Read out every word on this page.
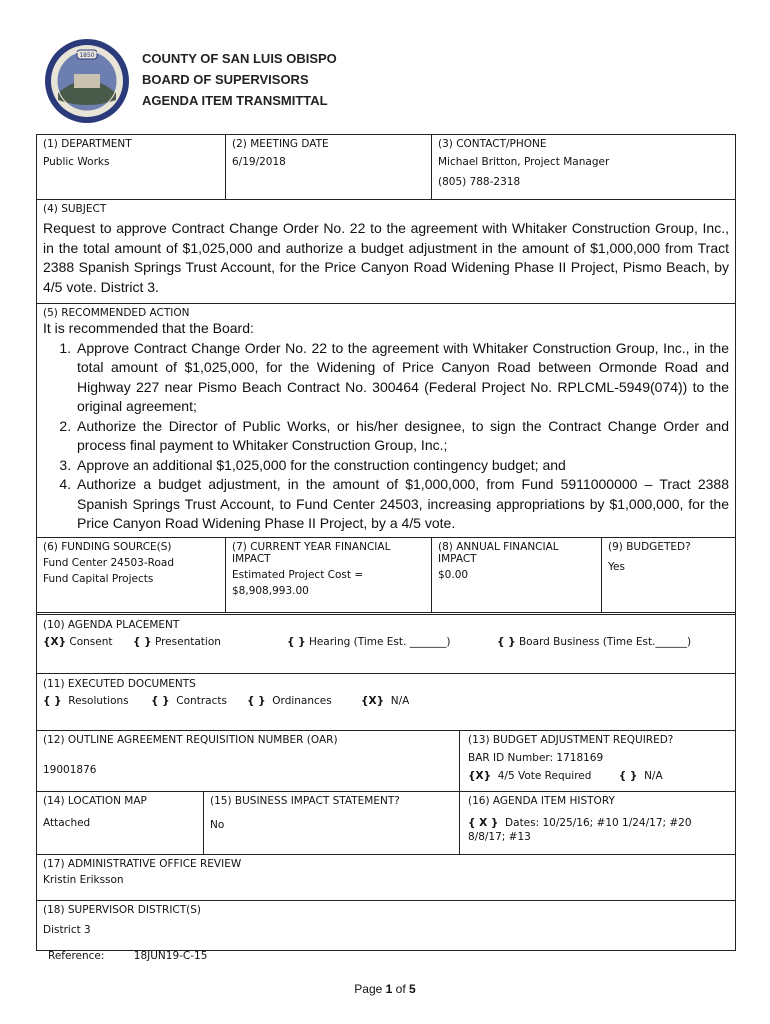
1850	COUNTY OF SAN LUIS OBISPO
BOARD OF SUPERVISORS
AGENDA ITEM TRANSMITTAL
(1) DEPARTMENT
Public Works
(2) MEETING DATE
6/19/2018
(3) CONTACT/PHONE
Michael Britton, Project Manager
(805) 788-2318
(4) SUBJECT
Request to approve Contract Change Order No. 22 to the agreement with Whitaker Construction Group, Inc., in the total amount of $1,025,000 and authorize a budget adjustment in the amount of $1,000,000 from Tract 2388 Spanish Springs Trust Account, for the Price Canyon Road Widening Phase II Project, Pismo Beach, by 4/5 vote. District 3.
(5) RECOMMENDED ACTION
It is recommended that the Board:
1. Approve Contract Change Order No. 22 to the agreement with Whitaker Construction Group, Inc., in the total amount of $1,025,000, for the Widening of Price Canyon Road between Ormonde Road and Highway 227 near Pismo Beach Contract No. 300464 (Federal Project No. RPLCML-5949(074)) to the original agreement;
2. Authorize the Director of Public Works, or his/her designee, to sign the Contract Change Order and process final payment to Whitaker Construction Group, Inc.;
3. Approve an additional $1,025,000 for the construction contingency budget; and
4. Authorize a budget adjustment, in the amount of $1,000,000, from Fund 5911000000 – Tract 2388 Spanish Springs Trust Account, to Fund Center 24503, increasing appropriations by $1,000,000, for the Price Canyon Road Widening Phase II Project, by a 4/5 vote.
(6) FUNDING SOURCE(S)
Fund Center 24503-Road
Fund Capital Projects
(7) CURRENT YEAR FINANCIAL
IMPACT
Estimated Project Cost =
$8,908,993.00
(8) ANNUAL FINANCIAL
IMPACT
$0.00
(9) BUDGETED?
Yes
(10) AGENDA PLACEMENT
{X} Consent { } Presentation	{ } Hearing (Time Est. _______)	{ } Board Business (Time Est.______)
(11) EXECUTED DOCUMENTS
{ } Resolutions { } Contracts { } Ordinances	{X} N/A
(12) OUTLINE AGREEMENT REQUISITION NUMBER (OAR)
19001876
(13) BUDGET ADJUSTMENT REQUIRED?
BAR ID Number: 1718169
{X} 4/5 Vote Required	{ } N/A
(14) LOCATION MAP
Attached
(15) BUSINESS IMPACT STATEMENT?
No
(16) AGENDA ITEM HISTORY
{ X } Dates: 10/25/16; #10 1/24/17; #20
8/8/17; #13
(17) ADMINISTRATIVE OFFICE REVIEW
Kristin Eriksson
(18) SUPERVISOR DISTRICT(S)
District 3
Reference:	18JUN19-C-15
Page 1 of 5
